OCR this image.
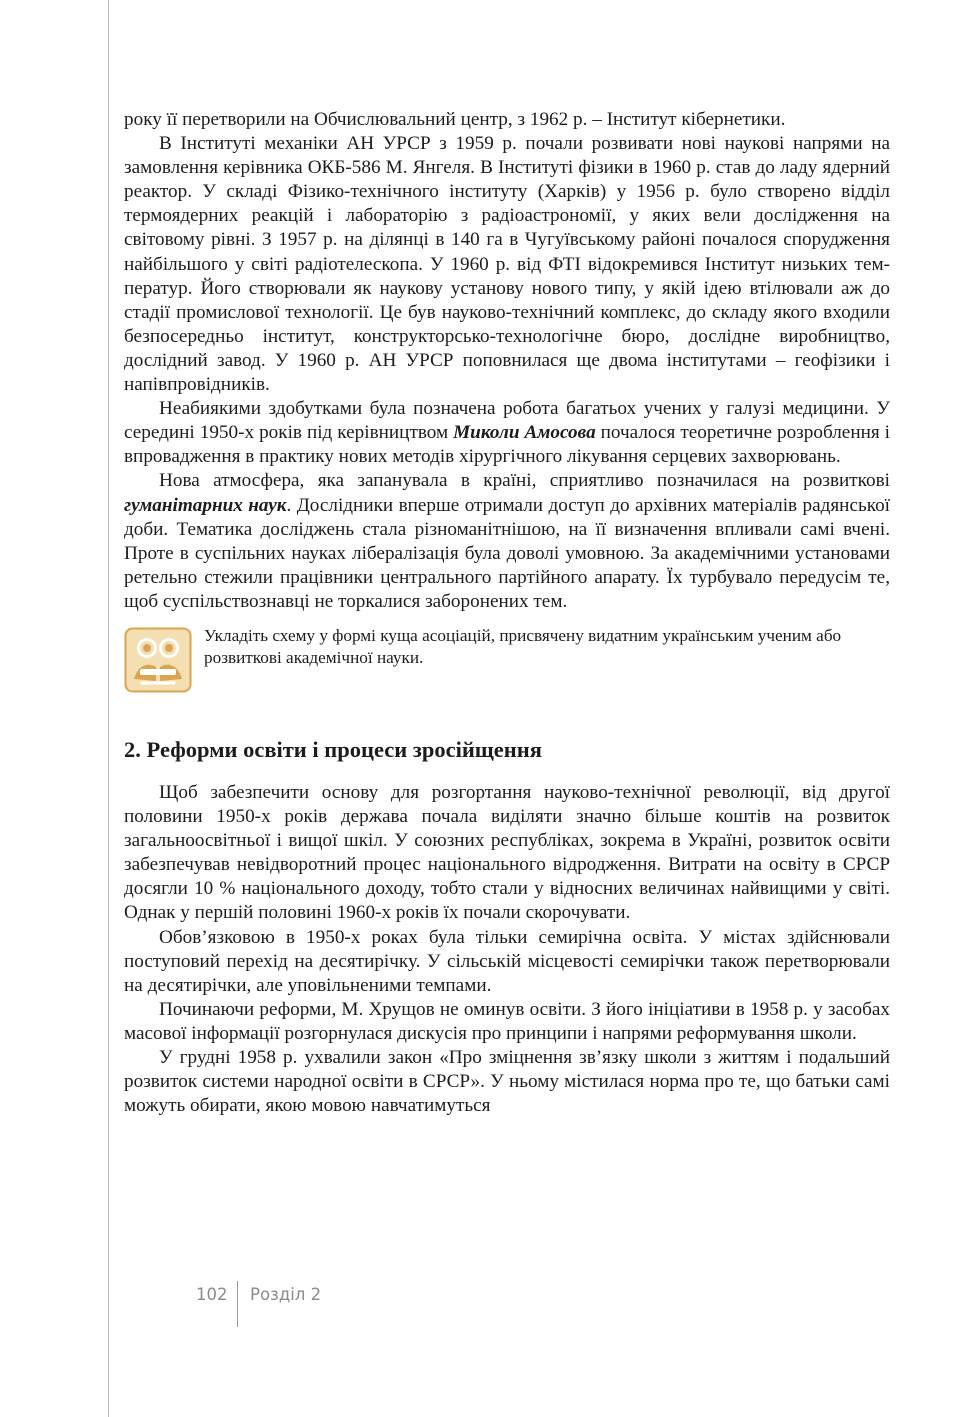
року її перетворили на Обчислювальний центр, з 1962 р. – Інститут кібернетики.

В Інституті механіки АН УРСР з 1959 р. почали розвивати нові наукові напрями на замовлення керівника ОКБ-586 М. Янгеля. В Інституті фізики в 1960 р. став до ладу ядерний реактор. У складі Фізико-технічного інституту (Харків) у 1956 р. було створено відділ термоядерних реакцій і лабораторію з радіоастрономії, у яких вели дослідження на світовому рівні. З 1957 р. на ділянці в 140 га в Чугуївському районі почалося спорудження найбільшого у світі радіотелескопа. У 1960 р. від ФТІ відокремився Інститут низьких температур. Його створювали як наукову установу нового типу, у якій ідею втілювали аж до стадії промислової технології. Це був науково-технічний комплекс, до складу якого входили безпосередньо інститут, конструкторсько-технологічне бюро, дослідне виробництво, дослідний завод. У 1960 р. АН УРСР поповнилася ще двома інститутами – геофізики і напівпровідників.

Неабиякими здобутками була позначена робота багатьох учених у галузі медицини. У середині 1950-х років під керівництвом Миколи Амосова почалося теоретичне розроблення і впровадження в практику нових методів хірургічного лікування серцевих захворювань.

Нова атмосфера, яка запанувала в країні, сприятливо позначилася на розвиткові гуманітарних наук. Дослідники вперше отримали доступ до архівних матеріалів радянської доби. Тематика досліджень стала різноманітнішою, на її визначення впливали самі вчені. Проте в суспільних науках лібералізація була доволі умовною. За академічними установами ретельно стежили працівники центрального партійного апарату. Їх турбувало передусім те, щоб суспільствознавці не торкалися заборонених тем.

Укладіть схему у формі куща асоціацій, присвячену видатним українським ученим або розвиткові академічної науки.

2. Реформи освіти і процеси зросійщення

Щоб забезпечити основу для розгортання науково-технічної революції, від другої половини 1950-х років держава почала виділяти значно більше коштів на розвиток загальноосвітньої і вищої шкіл. У союзних республіках, зокрема в Україні, розвиток освіти забезпечував невідворотний процес національного відродження. Витрати на освіту в СРСР досягли 10 % національного доходу, тобто стали у відносних величинах найвищими у світі. Однак у першій половині 1960-х років їх почали скорочувати.

Обов’язковою в 1950-х роках була тільки семирічна освіта. У містах здійснювали поступовий перехід на десятирічку. У сільській місцевості семирічки також перетворювали на десятирічки, але уповільненими темпами.

Починаючи реформи, М. Хрущов не оминув освіти. З його ініціативи в 1958 р. у засобах масової інформації розгорнулася дискусія про принципи і напрями реформування школи.

У грудні 1958 р. ухвалили закон «Про зміцнення зв’язку школи з життям і подальший розвиток системи народної освіти в СРСР». У ньому містилася норма про те, що батьки самі можуть обирати, якою мовою навчатимуться

102 Розділ 2
